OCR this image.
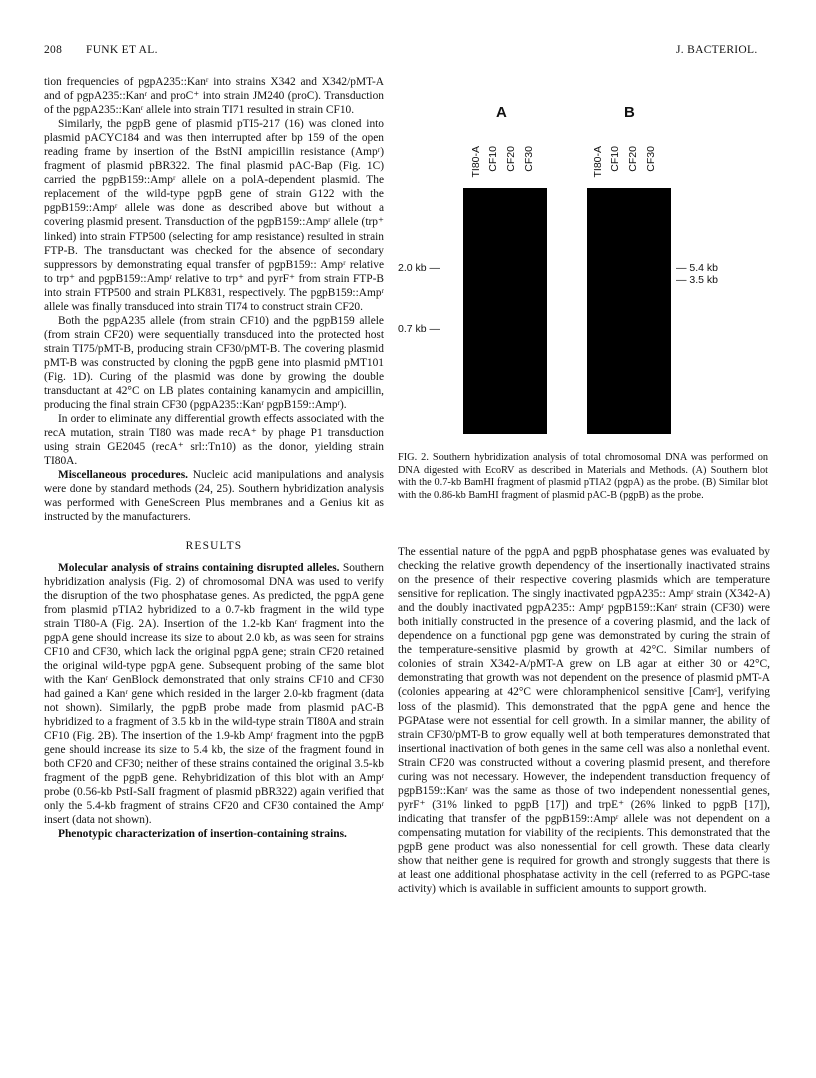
208 FUNK ET AL.	J. BACTERIOL.

tion frequencies of pgpA235::Kanʳ into strains X342 and X342/pMT-A and of pgpA235::Kanʳ and proC⁺ into strain JM240 (proC). Transduction of the pgpA235::Kanʳ allele into strain TI71 resulted in strain CF10.

Similarly, the pgpB gene of plasmid pTI5-217 (16) was cloned into plasmid pACYC184 and was then interrupted after bp 159 of the open reading frame by insertion of the BstNI ampicillin resistance (Ampʳ) fragment of plasmid pBR322. The final plasmid pAC-Bap (Fig. 1C) carried the pgpB159::Ampʳ allele on a polA-dependent plasmid. The replacement of the wild-type pgpB gene of strain G122 with the pgpB159::Ampʳ allele was done as described above but without a covering plasmid present. Transduction of the pgpB159::Ampʳ allele (trp⁺ linked) into strain FTP500 (selecting for amp resistance) resulted in strain FTP-B. The transductant was checked for the absence of secondary suppressors by demonstrating equal transfer of pgpB159:: Ampʳ relative to trp⁺ and pgpB159::Ampʳ relative to trp⁺ and pyrF⁺ from strain FTP-B into strain FTP500 and strain PLK831, respectively. The pgpB159::Ampʳ allele was finally transduced into strain TI74 to construct strain CF20.

Both the pgpA235 allele (from strain CF10) and the pgpB159 allele (from strain CF20) were sequentially transduced into the protected host strain TI75/pMT-B, producing strain CF30/pMT-B. The covering plasmid pMT-B was constructed by cloning the pgpB gene into plasmid pMT101 (Fig. 1D). Curing of the plasmid was done by growing the double transductant at 42°C on LB plates containing kanamycin and ampicillin, producing the final strain CF30 (pgpA235::Kanʳ pgpB159::Ampʳ).

In order to eliminate any differential growth effects associated with the recA mutation, strain TI80 was made recA⁺ by phage P1 transduction using strain GE2045 (recA⁺ srl::Tn10) as the donor, yielding strain TI80A.

Miscellaneous procedures. Nucleic acid manipulations and analysis were done by standard methods (24, 25). Southern hybridization analysis was performed with GeneScreen Plus membranes and a Genius kit as instructed by the manufacturers.

RESULTS

Molecular analysis of strains containing disrupted alleles. Southern hybridization analysis (Fig. 2) of chromosomal DNA was used to verify the disruption of the two phosphatase genes. As predicted, the pgpA gene from plasmid pTIA2 hybridized to a 0.7-kb fragment in the wild type strain TI80-A (Fig. 2A). Insertion of the 1.2-kb Kanʳ fragment into the pgpA gene should increase its size to about 2.0 kb, as was seen for strains CF10 and CF30, which lack the original pgpA gene; strain CF20 retained the original wild-type pgpA gene. Subsequent probing of the same blot with the Kanʳ GenBlock demonstrated that only strains CF10 and CF30 had gained a Kanʳ gene which resided in the larger 2.0-kb fragment (data not shown). Similarly, the pgpB probe made from plasmid pAC-B hybridized to a fragment of 3.5 kb in the wild-type strain TI80A and strain CF10 (Fig. 2B). The insertion of the 1.9-kb Ampʳ fragment into the pgpB gene should increase its size to 5.4 kb, the size of the fragment found in both CF20 and CF30; neither of these strains contained the original 3.5-kb fragment of the pgpB gene. Rehybridization of this blot with an Ampʳ probe (0.56-kb PstI-SalI fragment of plasmid pBR322) again verified that only the 5.4-kb fragment of strains CF20 and CF30 contained the Ampʳ insert (data not shown).

Phenotypic characterization of insertion-containing strains.

A	B
TI80-A CF10 CF20 CF30	TI80-A CF10 CF20 CF30
2.0 kb —
0.7 kb —
— 5.4 kb
— 3.5 kb

FIG. 2. Southern hybridization analysis of total chromosomal DNA was performed on DNA digested with EcoRV as described in Materials and Methods. (A) Southern blot with the 0.7-kb BamHI fragment of plasmid pTIA2 (pgpA) as the probe. (B) Similar blot with the 0.86-kb BamHI fragment of plasmid pAC-B (pgpB) as the probe.

The essential nature of the pgpA and pgpB phosphatase genes was evaluated by checking the relative growth dependency of the insertionally inactivated strains on the presence of their respective covering plasmids which are temperature sensitive for replication. The singly inactivated pgpA235:: Ampʳ strain (X342-A) and the doubly inactivated pgpA235:: Ampʳ pgpB159::Kanʳ strain (CF30) were both initially constructed in the presence of a covering plasmid, and the lack of dependence on a functional pgp gene was demonstrated by curing the strain of the temperature-sensitive plasmid by growth at 42°C. Similar numbers of colonies of strain X342-A/pMT-A grew on LB agar at either 30 or 42°C, demonstrating that growth was not dependent on the presence of plasmid pMT-A (colonies appearing at 42°C were chloramphenicol sensitive [Camˢ], verifying loss of the plasmid). This demonstrated that the pgpA gene and hence the PGPAtase were not essential for cell growth. In a similar manner, the ability of strain CF30/pMT-B to grow equally well at both temperatures demonstrated that insertional inactivation of both genes in the same cell was also a nonlethal event. Strain CF20 was constructed without a covering plasmid present, and therefore curing was not necessary. However, the independent transduction frequency of pgpB159::Kanʳ was the same as those of two independent nonessential genes, pyrF⁺ (31% linked to pgpB [17]) and trpE⁺ (26% linked to pgpB [17]), indicating that transfer of the pgpB159::Ampʳ allele was not dependent on a compensating mutation for viability of the recipients. This demonstrated that the pgpB gene product was also nonessential for cell growth. These data clearly show that neither gene is required for growth and strongly suggests that there is at least one additional phosphatase activity in the cell (referred to as PGPC-tase activity) which is available in sufficient amounts to support growth.
